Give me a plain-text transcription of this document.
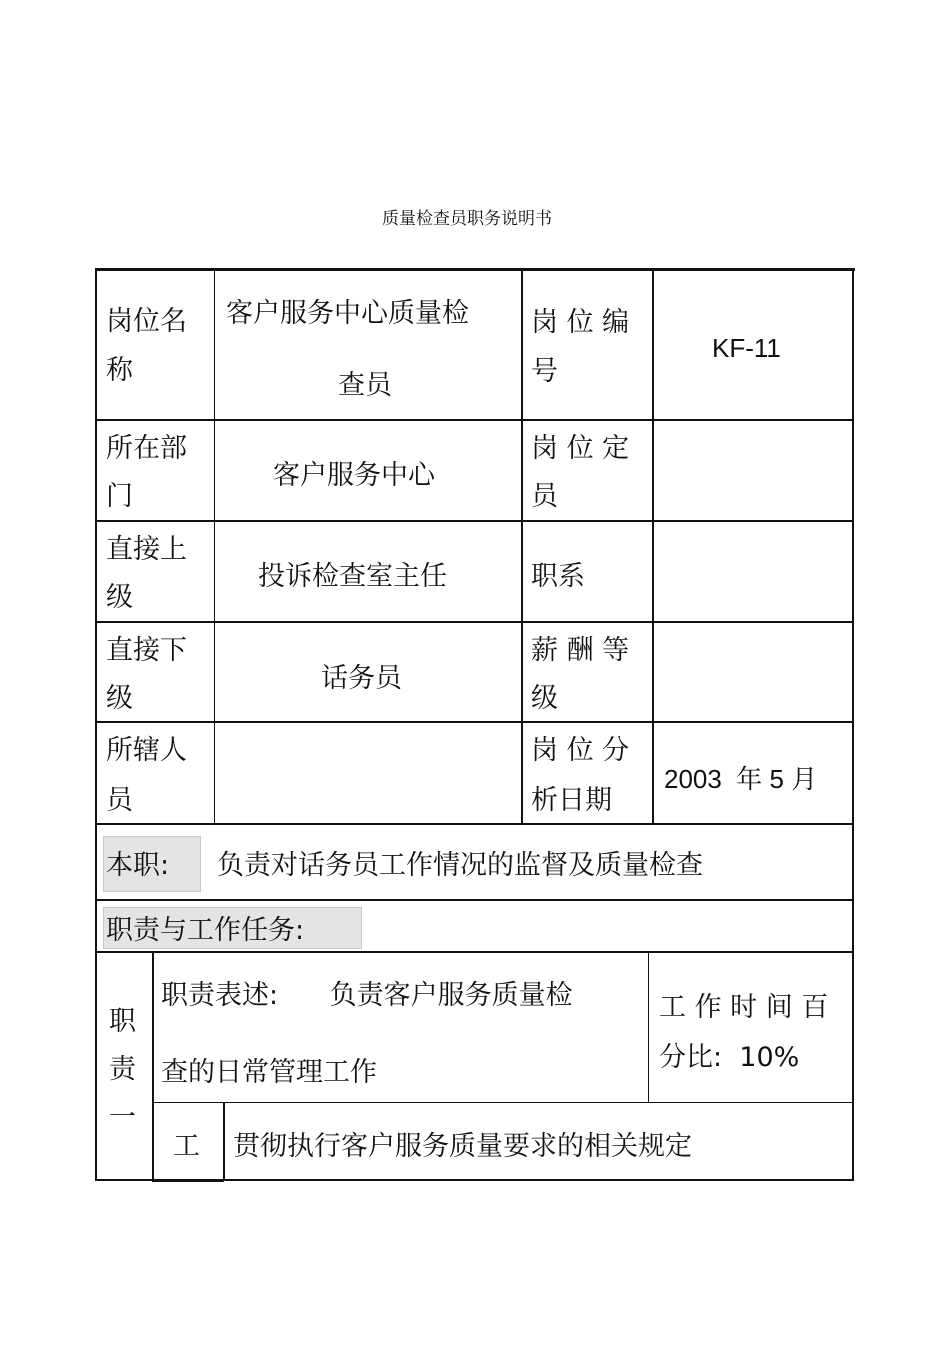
质量检查员职务说明书
岗位名
称
客户服务中心质量检
查员
岗 位 编
号
KF-11
所在部
门
客户服务中心
岗 位 定
员
直接上
级
投诉检查室主任	职系
直接下
级
话务员
薪 酬 等
级
所辖人
员
岗 位 分
析日期
2003  年 5 月
本职: 负责对话务员工作情况的监督及质量检查
职责与工作任务:
职
责
一
职责表述:      负责客户服务质量检
查的日常管理工作
工 作 时 间 百
分比:  10%
工 贯彻执行客户服务质量要求的相关规定
